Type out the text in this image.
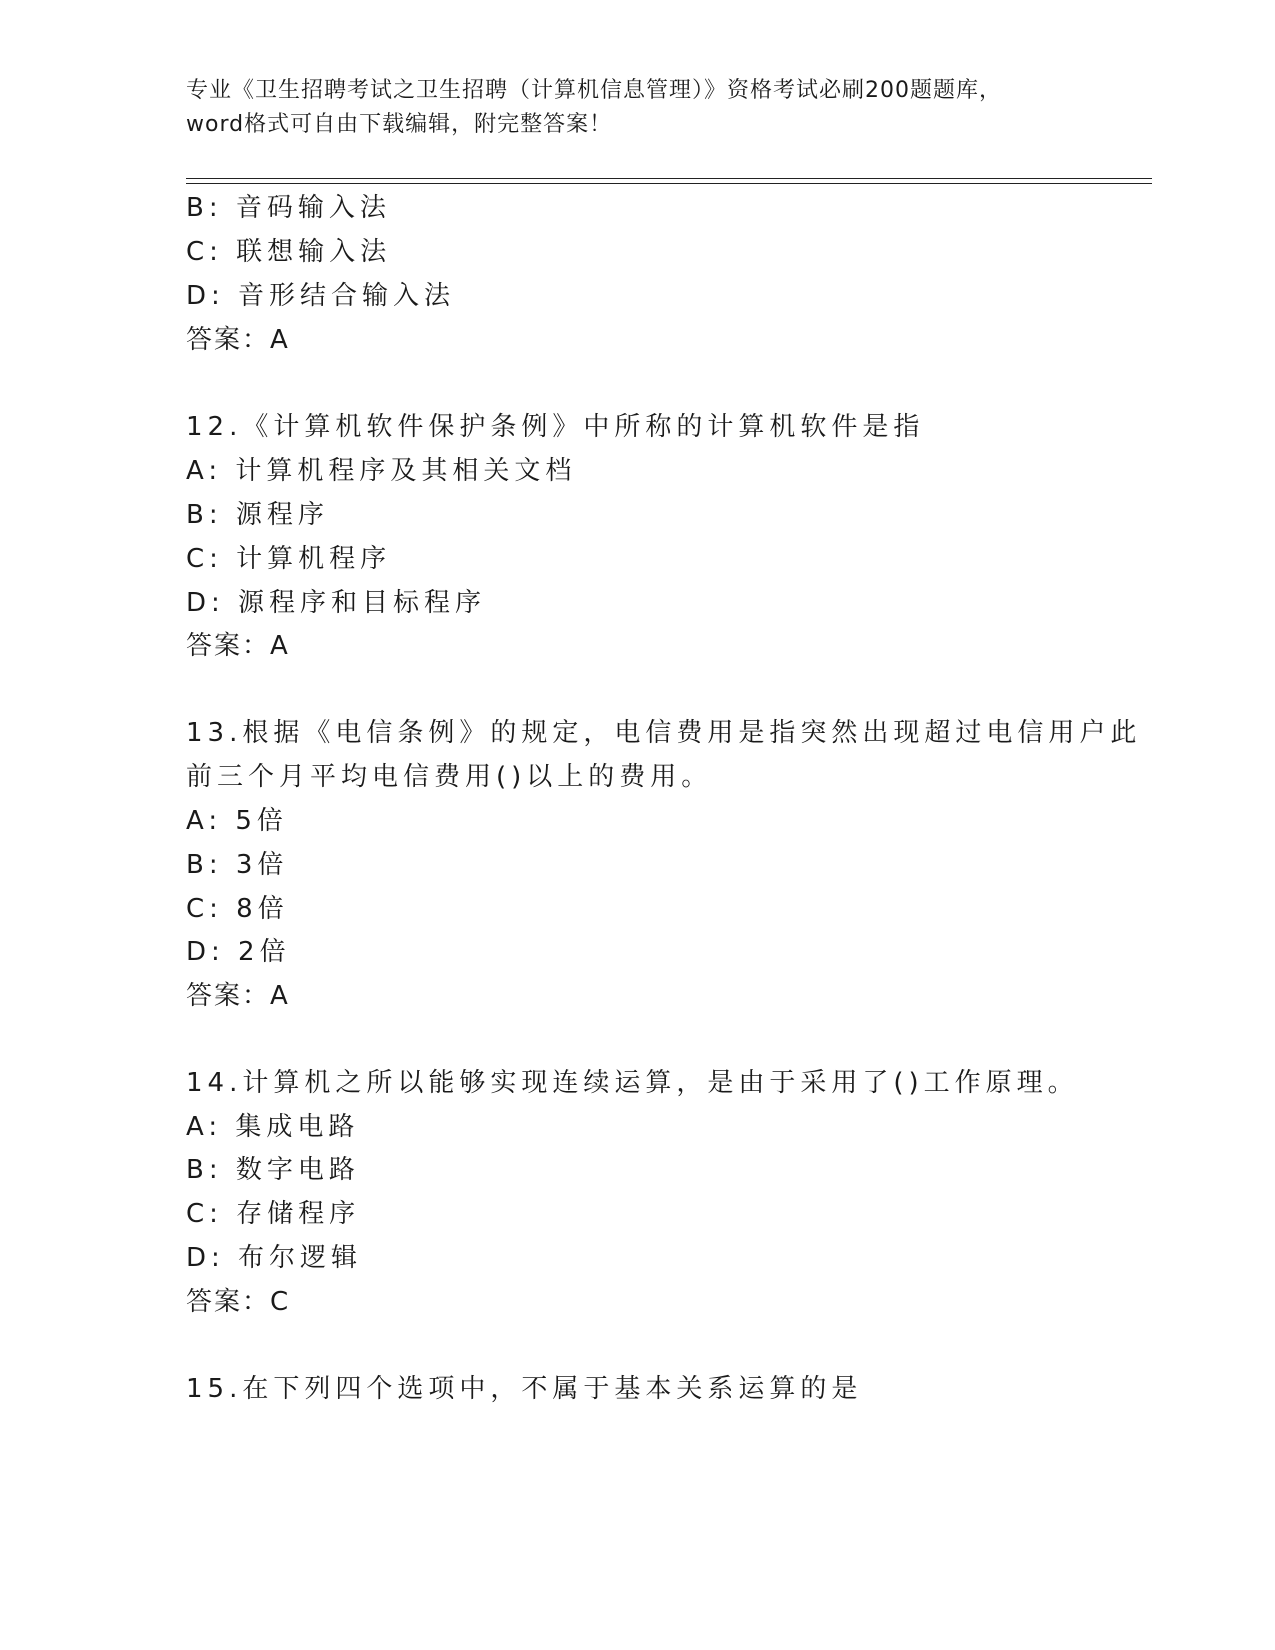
专业《卫生招聘考试之卫生招聘（计算机信息管理）》资格考试必刷200题题库，
word格式可自由下载编辑，附完整答案！
B: 音码输入法
C: 联想输入法
D: 音形结合输入法
答案：A
12.《计算机软件保护条例》中所称的计算机软件是指
A: 计算机程序及其相关文档
B: 源程序
C: 计算机程序
D: 源程序和目标程序
答案：A
13.根据《电信条例》的规定，电信费用是指突然出现超过电信用户此
前三个月平均电信费用()以上的费用。
A: 5倍
B: 3倍
C: 8倍
D: 2倍
答案：A
14.计算机之所以能够实现连续运算，是由于采用了()工作原理。
A: 集成电路
B: 数字电路
C: 存储程序
D: 布尔逻辑
答案：C
15.在下列四个选项中，不属于基本关系运算的是
